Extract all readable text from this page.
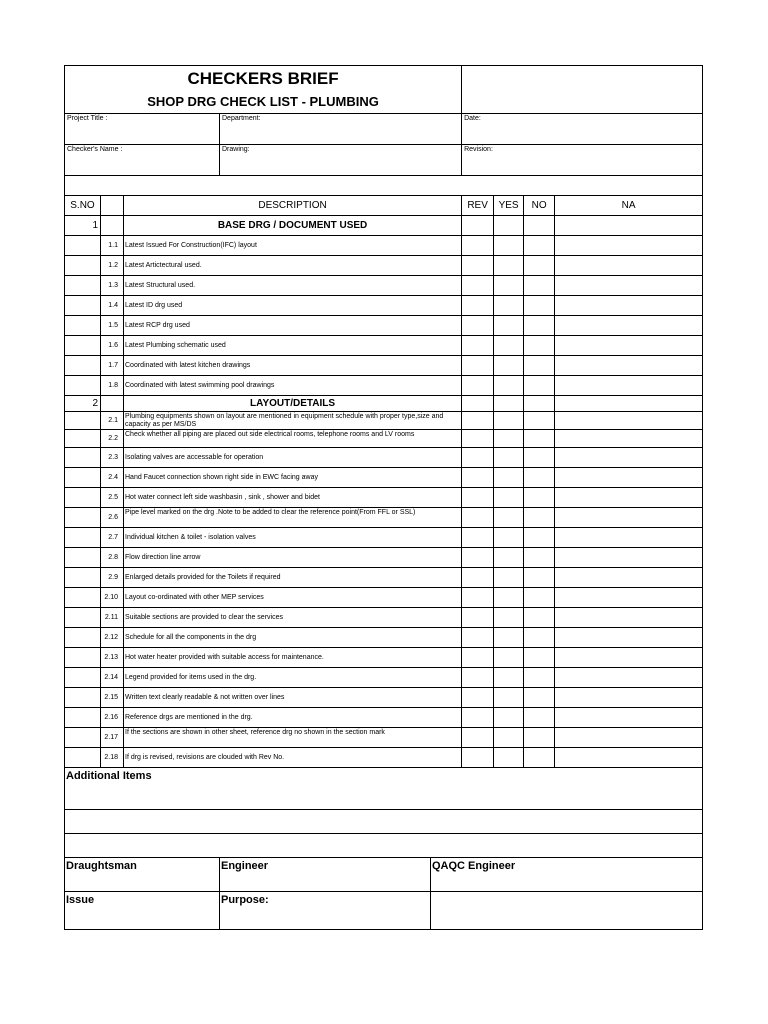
CHECKERS BRIEF									
SHOP DRG CHECK LIST - PLUMBING									
Project Title :			Department:		Date:				
Checker's Name :			Drawing:		Revision:				

S.NO		DESCRIPTION			REV	YES	NO	NA	
1		BASE DRG / DOCUMENT USED							
	1.1	Latest Issued For Construction(IFC) layout							
	1.2	Latest Artictectural used.							
	1.3	Latest Structural used.							
	1.4	Latest ID drg used							
	1.5	Latest RCP drg used							
	1.6	Latest Plumbing schematic used							
	1.7	Coordinated with latest kitchen drawings							
	1.8	Coordinated with latest swimming pool drawings							
2		LAYOUT/DETAILS							
	2.1	Plumbing equipments shown on layout are mentioned in equipment schedule with proper type,size and capacity as per MS/DS							
	2.2	Check whether all piping are placed out side electrical rooms, telephone rooms and LV rooms							
	2.3	Isolating valves are accessable for operation							
	2.4	Hand Faucet connection shown right side in EWC facing away							
	2.5	Hot water connect left side washbasin , sink , shower and bidet							
	2.6	Pipe level marked on the drg .Note to be added to clear the reference point(From FFL or SSL)							
	2.7	Individual kitchen & toilet - isolation valves							
	2.8	Flow direction line arrow							
	2.9	Enlarged details provided for the Toilets if required							
	2.10	Layout co-ordinated with other MEP services							
	2.11	Suitable sections are provided to clear the services							
	2.12	Schedule for all the components in the drg							
	2.13	Hot water heater provided with suitable access for maintenance.							
	2.14	Legend provided for items used in the drg.							
	2.15	Written text clearly readable & not written over lines							
	2.16	Reference drgs are mentioned in the drg.							
	2.17	If the sections are shown in other sheet, reference drg no shown in the section mark							
	2.18	If drg is revised, revisions are clouded with Rev No.							
Additional Items									

Draughtsman			Engineer	QAQC Engineer					
Issue			Purpose:						
